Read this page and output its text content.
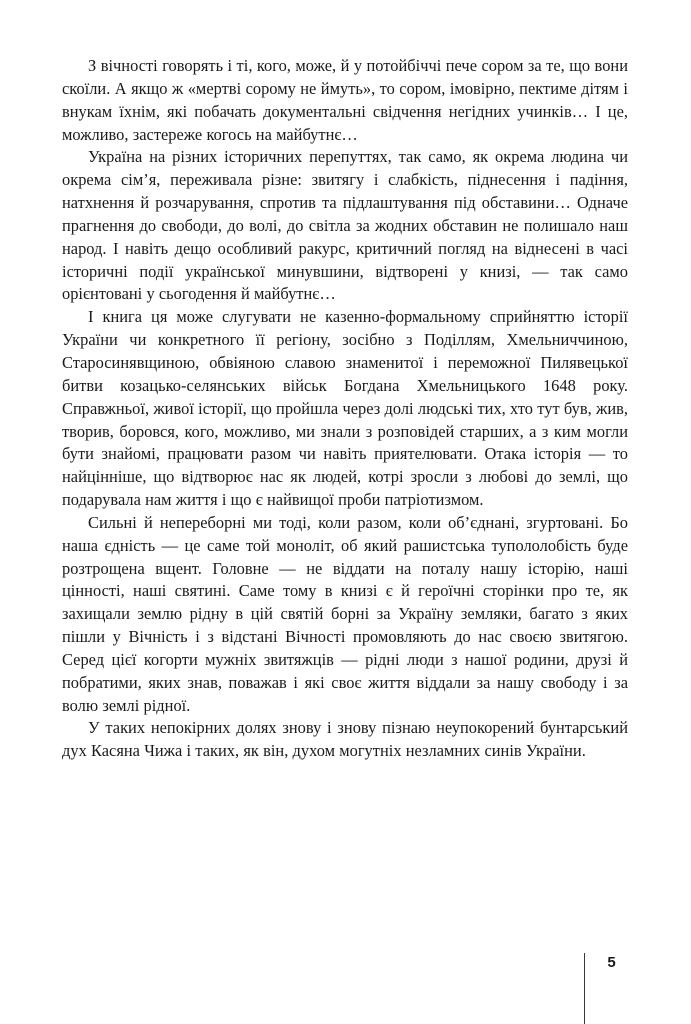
З вічності говорять і ті, кого, може, й у потойбіччі пече сором за те, що вони скоїли. А якщо ж «мертві сорому не ймуть», то сором, імовірно, пектиме дітям і внукам їхнім, які побачать документальні свідчення негідних учинків… І це, можливо, застереже когось на майбутнє…

Україна на різних історичних перепуттях, так само, як окрема людина чи окрема сім’я, переживала різне: звитягу і слабкість, піднесення і падіння, натхнення й розчарування, спротив та підлаштування під обставини… Одначе прагнення до свободи, до волі, до світла за жодних обставин не полишало наш народ. І навіть дещо особливий ракурс, критичний погляд на віднесені в часі історичні події української минувшини, відтворені у книзі, — так само орієнтовані у сьогодення й майбутнє…

І книга ця може слугувати не казенно-формальному сприйняттю історії України чи конкретного її регіону, зосібно з Поділлям, Хмельниччиною, Старосинявщиною, обвіяною славою знаменитої і переможної Пилявецької битви козацько-селянських військ Богдана Хмельницького 1648 року. Справжньої, живої історії, що пройшла через долі людські тих, хто тут був, жив, творив, боровся, кого, можливо, ми знали з розповідей старших, а з ким могли бути знайомі, працювати разом чи навіть приятелювати. Отака історія — то найцінніше, що відтворює нас як людей, котрі зросли з любові до землі, що подарувала нам життя і що є найвищої проби патріотизмом.

Сильні й непереборні ми тоді, коли разом, коли об’єднані, згуртовані. Бо наша єдність — це саме той моноліт, об який рашистська тупололобість буде розтрощена вщент. Головне — не віддати на поталу нашу історію, наші цінності, наші святині. Саме тому в книзі є й героїчні сторінки про те, як захищали землю рідну в цій святій борні за Україну земляки, багато з яких пішли у Вічність і з відстані Вічності промовляють до нас своєю звитягою. Серед цієї когорти мужніх звитяжців — рідні люди з нашої родини, друзі й побратими, яких знав, поважав і які своє життя віддали за нашу свободу і за волю землі рідної.

У таких непокірних долях знову і знову пізнаю неупокорений бунтарський дух Касяна Чижа і таких, як він, духом могутніх незламних синів України.

5
